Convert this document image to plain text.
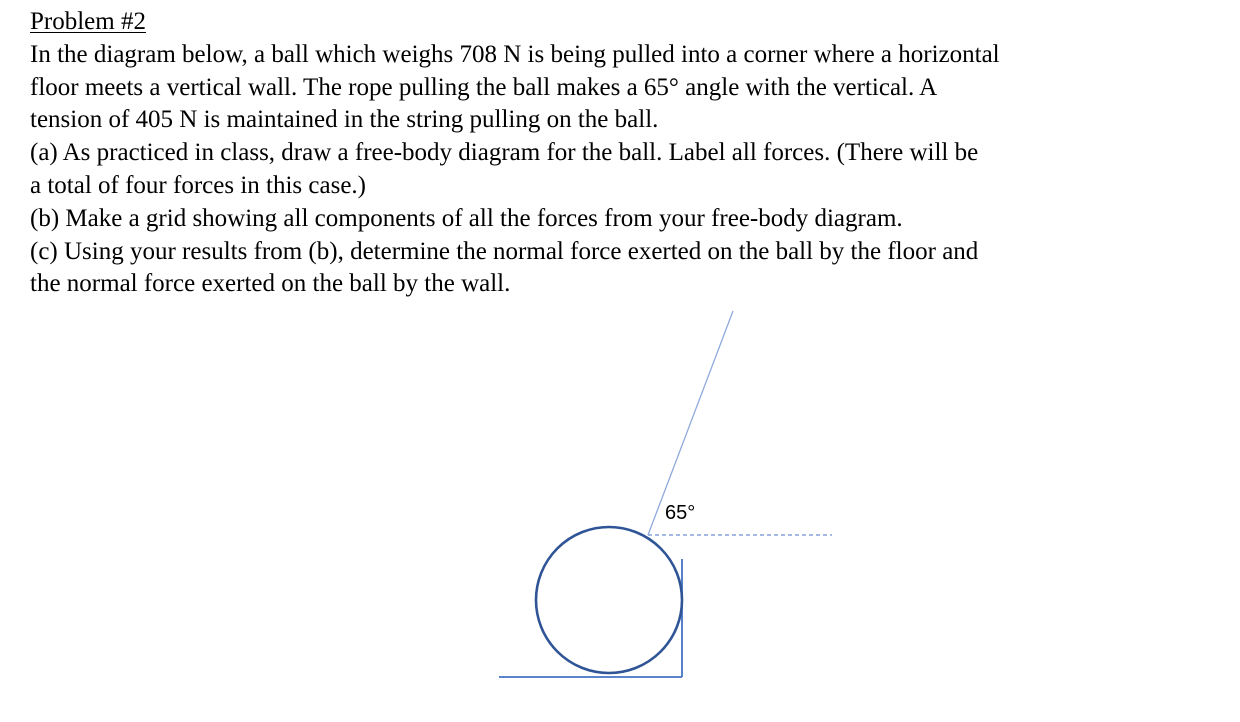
Problem #2
In the diagram below, a ball which weighs 708 N is being pulled into a corner where a horizontal
floor meets a vertical wall. The rope pulling the ball makes a 65° angle with the vertical. A
tension of 405 N is maintained in the string pulling on the ball.
(a) As practiced in class, draw a free-body diagram for the ball. Label all forces. (There will be
a total of four forces in this case.)
(b) Make a grid showing all components of all the forces from your free-body diagram.
(c) Using your results from (b), determine the normal force exerted on the ball by the floor and
the normal force exerted on the ball by the wall.
65°
